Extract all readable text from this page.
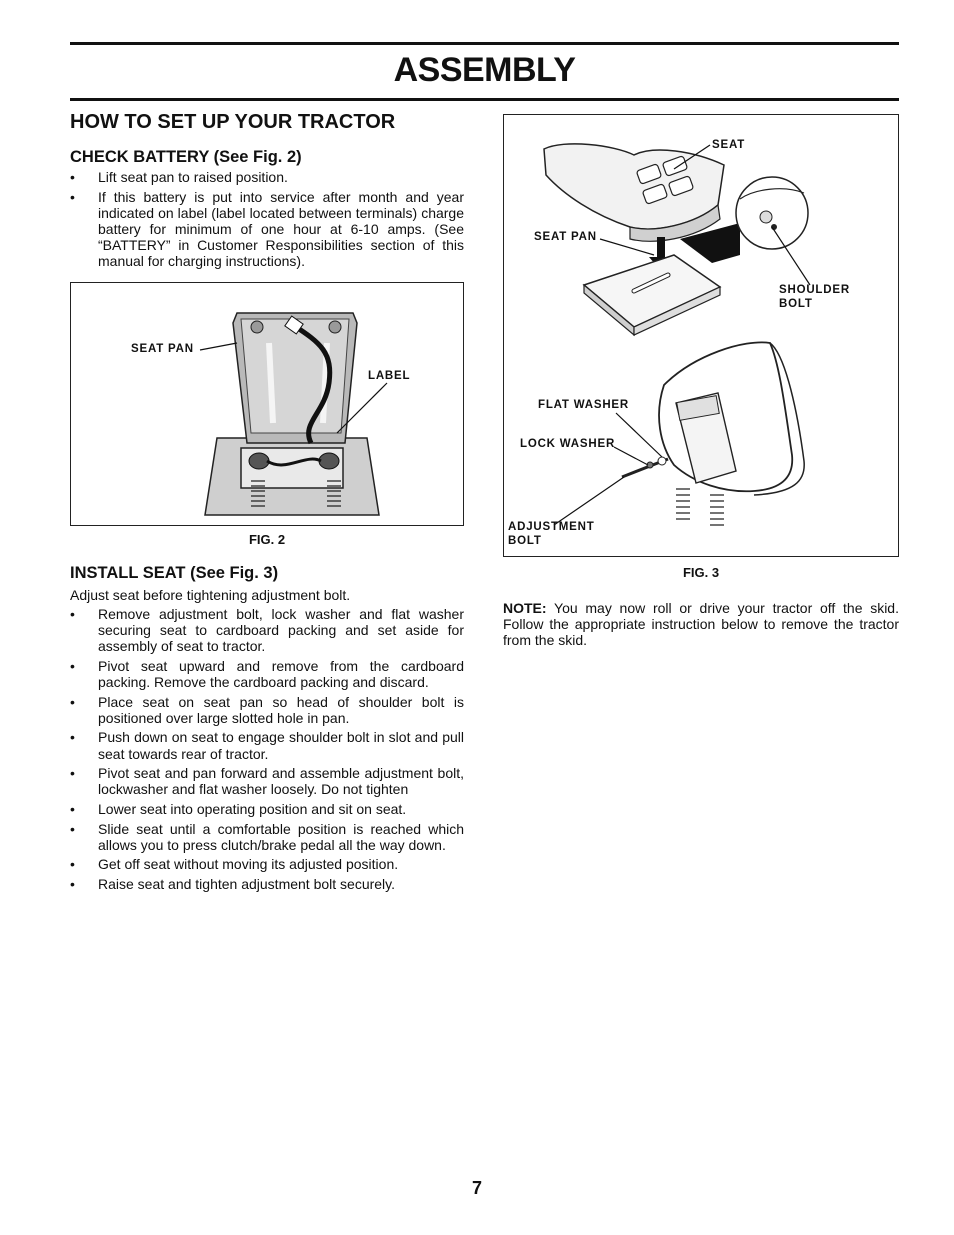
ASSEMBLY
HOW TO SET UP YOUR TRACTOR
CHECK BATTERY (See Fig. 2)
• Lift seat pan to raised position.
• If this battery is put into service after month and year indicated on label (label located between terminals) charge battery for minimum of one hour at 6-10 amps. (See “BATTERY” in Customer Responsibilities section of this manual for charging instructions).
SEAT PAN
LABEL
FIG. 2
INSTALL SEAT (See Fig. 3)

Adjust seat before tightening adjustment bolt.

• Remove adjustment bolt, lock washer and flat washer securing seat to cardboard packing and set aside for assembly of seat to tractor.
• Pivot seat upward and remove from the cardboard packing. Remove the cardboard packing and discard.
• Place seat on seat pan so head of shoulder bolt is positioned over large slotted hole in pan.
• Push down on seat to engage shoulder bolt in slot and pull seat towards rear of tractor.
• Pivot seat and pan forward and assemble adjustment bolt, lockwasher and flat washer loosely. Do not tighten
• Lower seat into operating position and sit on seat.
• Slide seat until a comfortable position is reached which allows you to press clutch/brake pedal all the way down.
• Get off seat without moving its adjusted position.
• Raise seat and tighten adjustment bolt securely.
SEAT
SEAT PAN
SHOULDER
BOLT
FLAT WASHER
LOCK WASHER
ADJUSTMENT
BOLT
FIG. 3

NOTE: You may now roll or drive your tractor off the skid. Follow the appropriate instruction below to remove the tractor from the skid.

7
